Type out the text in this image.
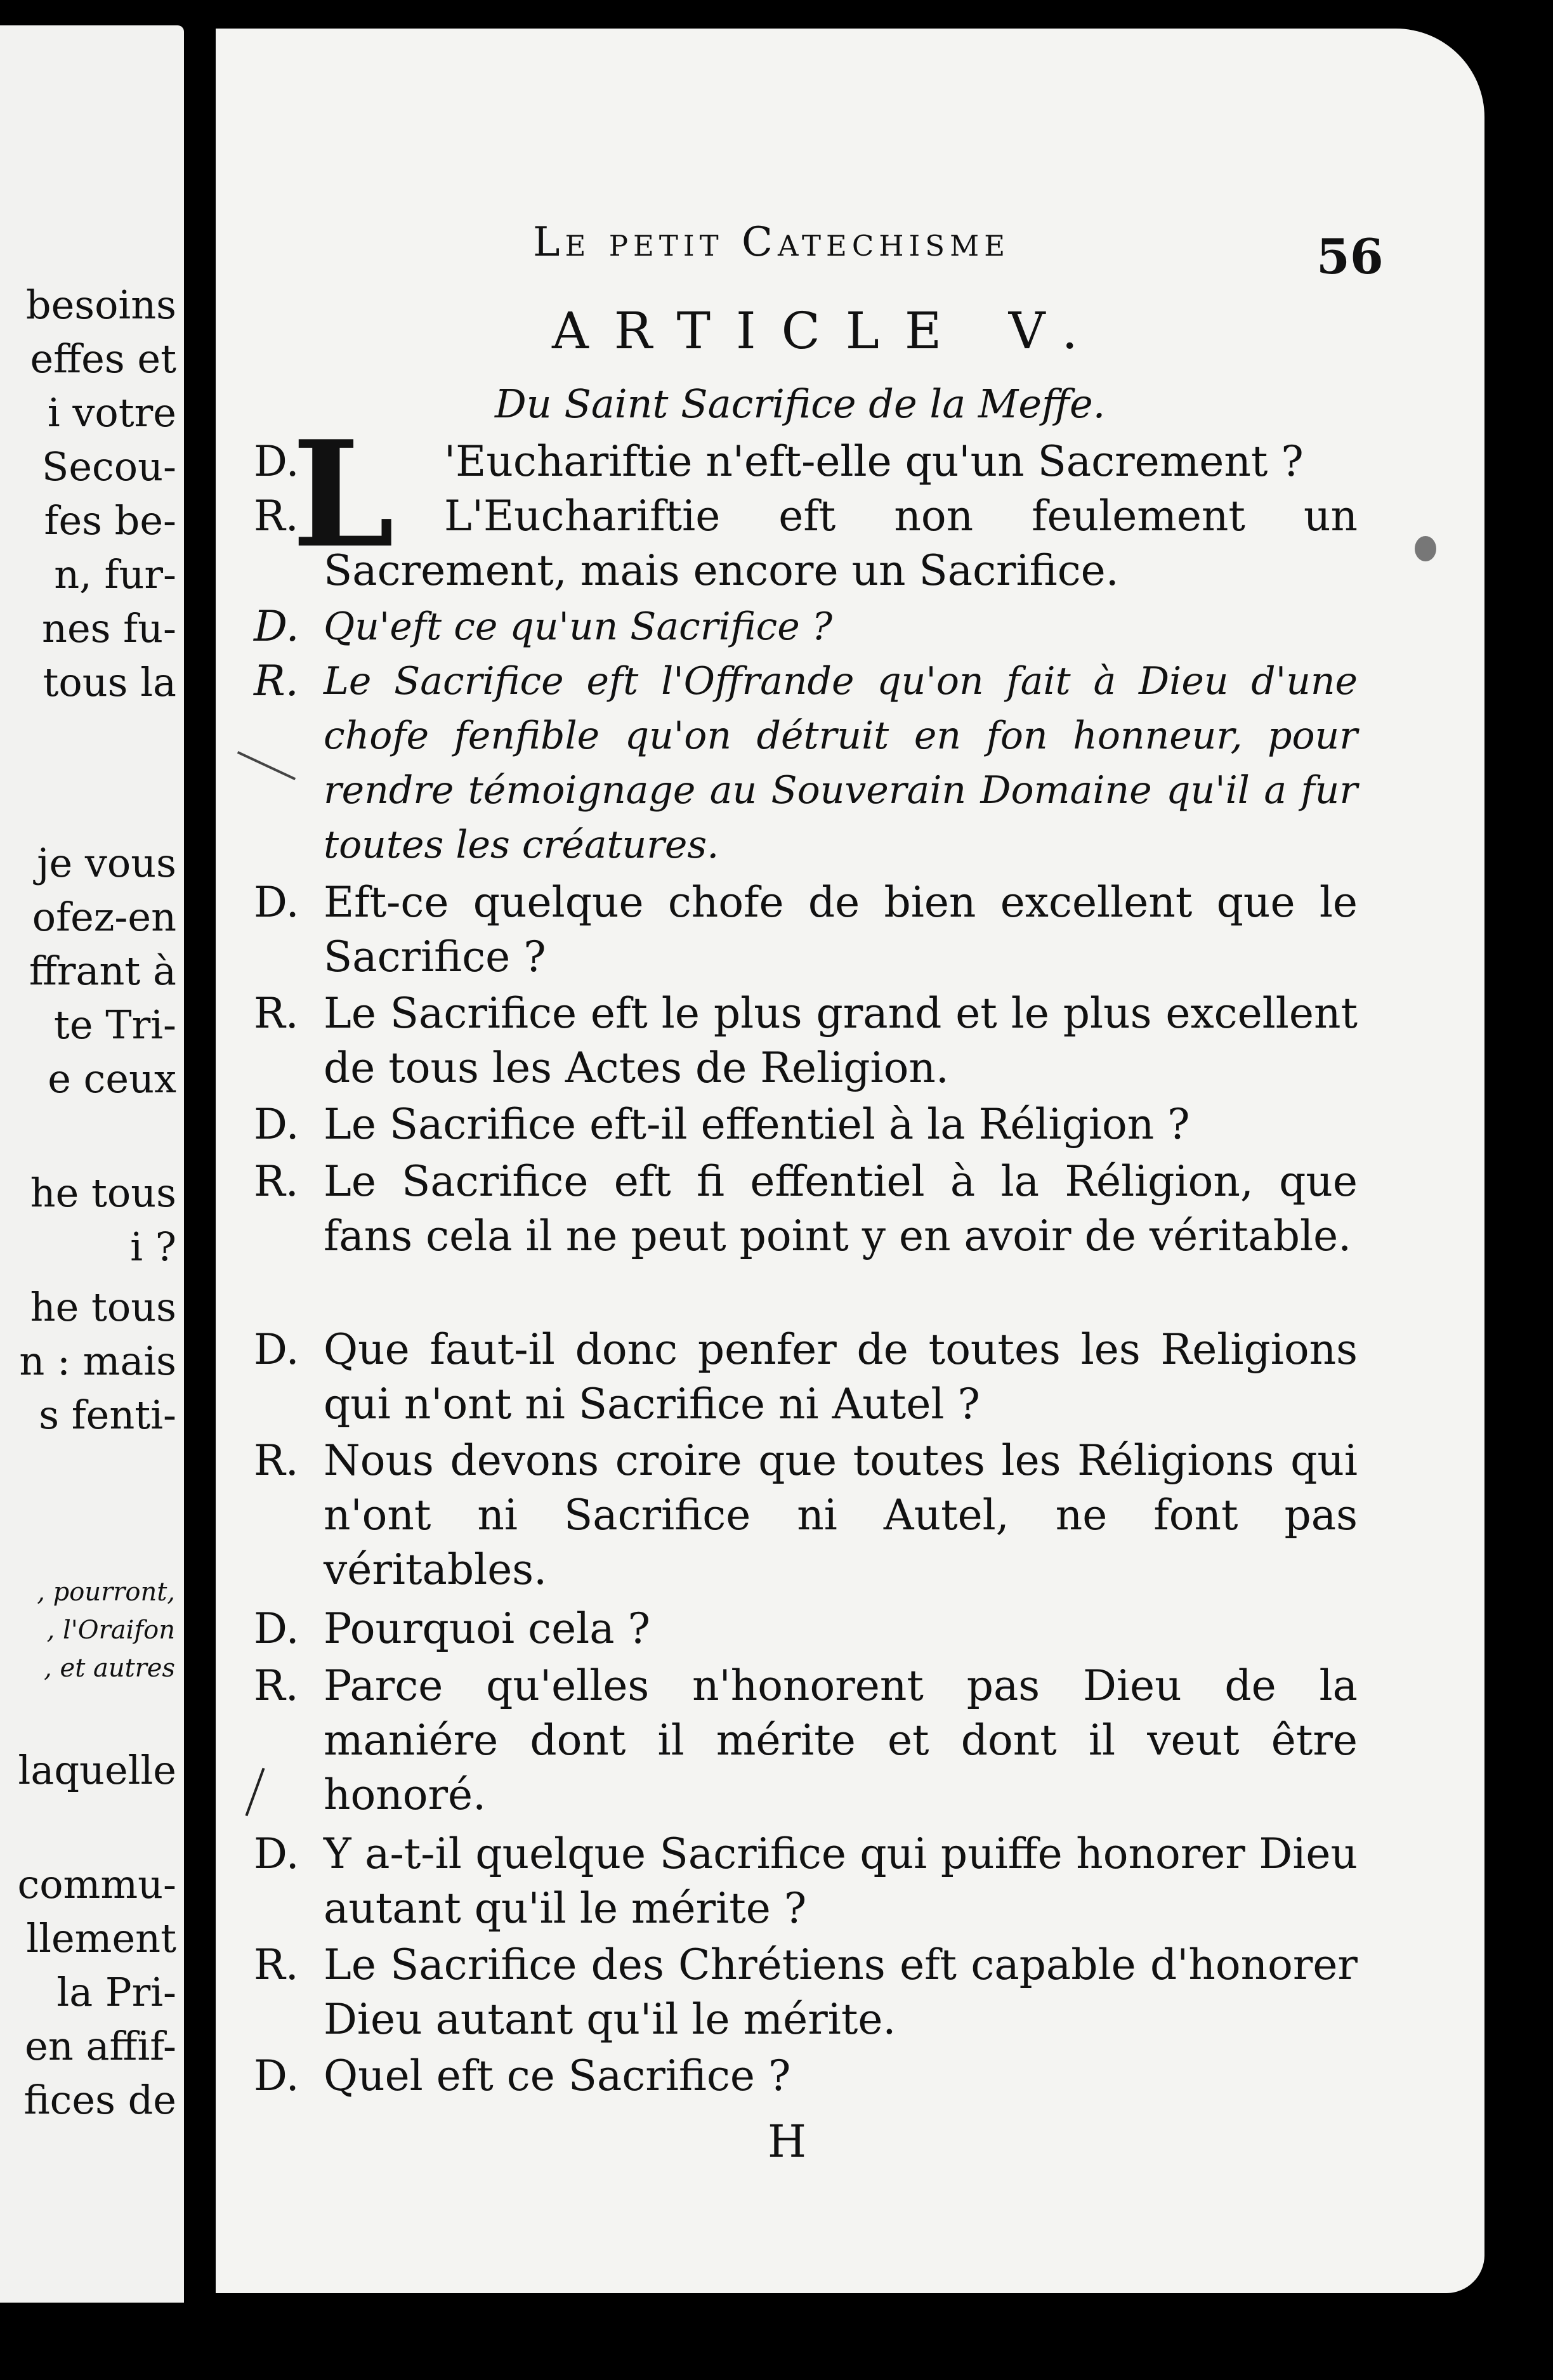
besoins
effes et
i votre
Secou-
fes be-
n, fur-
nes fu-
tous la
je vous
ofez-en
ffrant à
te Tri-
e ceux
he tous
i ?
he tous
n : mais
s fenti-
, pourront,
, l'Oraifon
, et autres
laquelle
commu-
llement
la Pri-
en affif-
fices de
Le petit Catechisme	56
ARTICLE V.
Du Saint Sacrifice de la Meffe.
L
D.	'Euchariftie n'eft-elle qu'un Sacrement ?
R.	L'Euchariftie eft non feulement un Sacrement, mais encore un Sacrifice.
D. Qu'eft ce qu'un Sacrifice ?
R. Le Sacrifice eft l'Offrande qu'on fait à Dieu d'une chofe fenfible qu'on détruit en fon honneur, pour rendre témoignage au Souverain Domaine qu'il a fur toutes les créatures.
D. Eft-ce quelque chofe de bien excellent que le Sacrifice ?
R. Le Sacrifice eft le plus grand et le plus excellent de tous les Actes de Religion.
D. Le Sacrifice eft-il effentiel à la Réligion ?
R. Le Sacrifice eft fi effentiel à la Réligion, que fans cela il ne peut point y en avoir de véritable.
D. Que faut-il donc penfer de toutes les Religions qui n'ont ni Sacrifice ni Autel ?
R. Nous devons croire que toutes les Réligions qui n'ont ni Sacrifice ni Autel, ne font pas véritables.
D. Pourquoi cela ?
R. Parce qu'elles n'honorent pas Dieu de la maniére dont il mérite et dont il veut être honoré.
D. Y a-t-il quelque Sacrifice qui puiffe honorer Dieu autant qu'il le mérite ?
R. Le Sacrifice des Chrétiens eft capable d'honorer Dieu autant qu'il le mérite.
D. Quel eft ce Sacrifice ?
H
